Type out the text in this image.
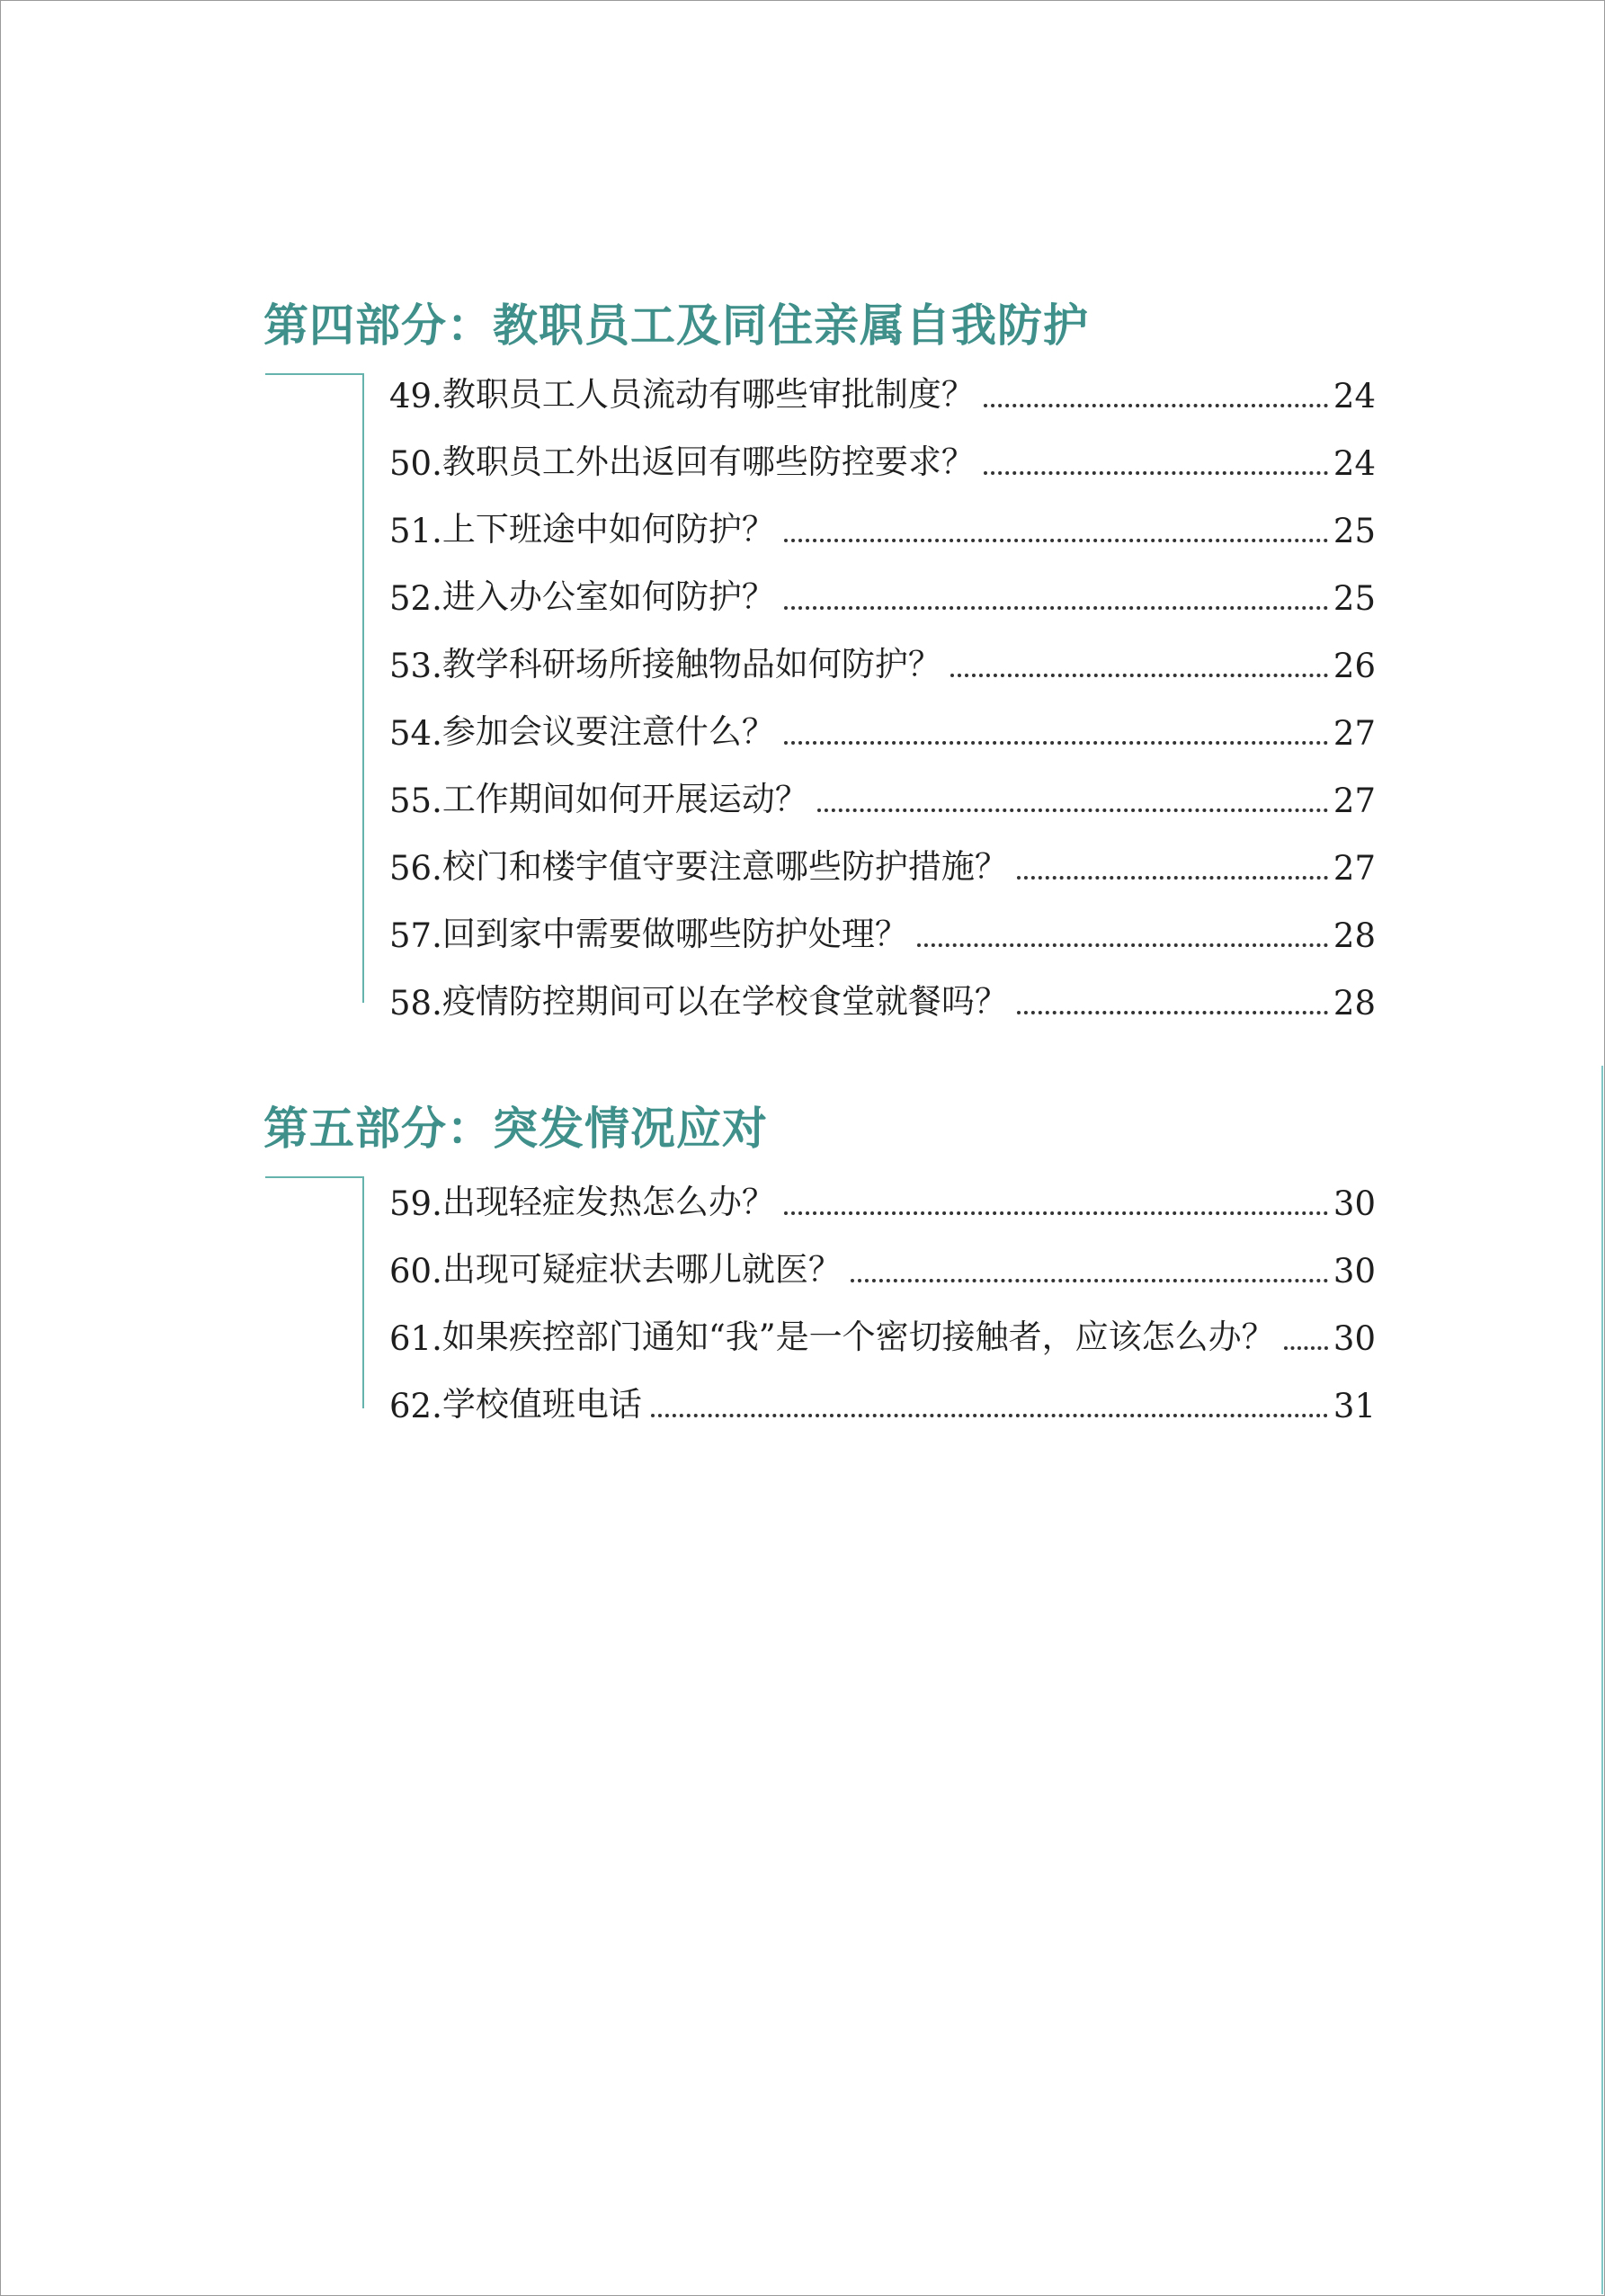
第四部分：教职员工及同住亲属自我防护
49. 教职员工人员流动有哪些审批制度？	24
50. 教职员工外出返回有哪些防控要求？	24
51. 上下班途中如何防护？	25
52. 进入办公室如何防护？	25
53. 教学科研场所接触物品如何防护？	26
54. 参加会议要注意什么？	27
55. 工作期间如何开展运动？	27
56. 校门和楼宇值守要注意哪些防护措施？	27
57. 回到家中需要做哪些防护处理？	28
58. 疫情防控期间可以在学校食堂就餐吗？	28
第五部分：突发情况应对
59. 出现轻症发热怎么办？	30
60. 出现可疑症状去哪儿就医？	30
61. 如果疾控部门通知“我”是一个密切接触者，应该怎么办？ 30
62. 学校值班电话	31
